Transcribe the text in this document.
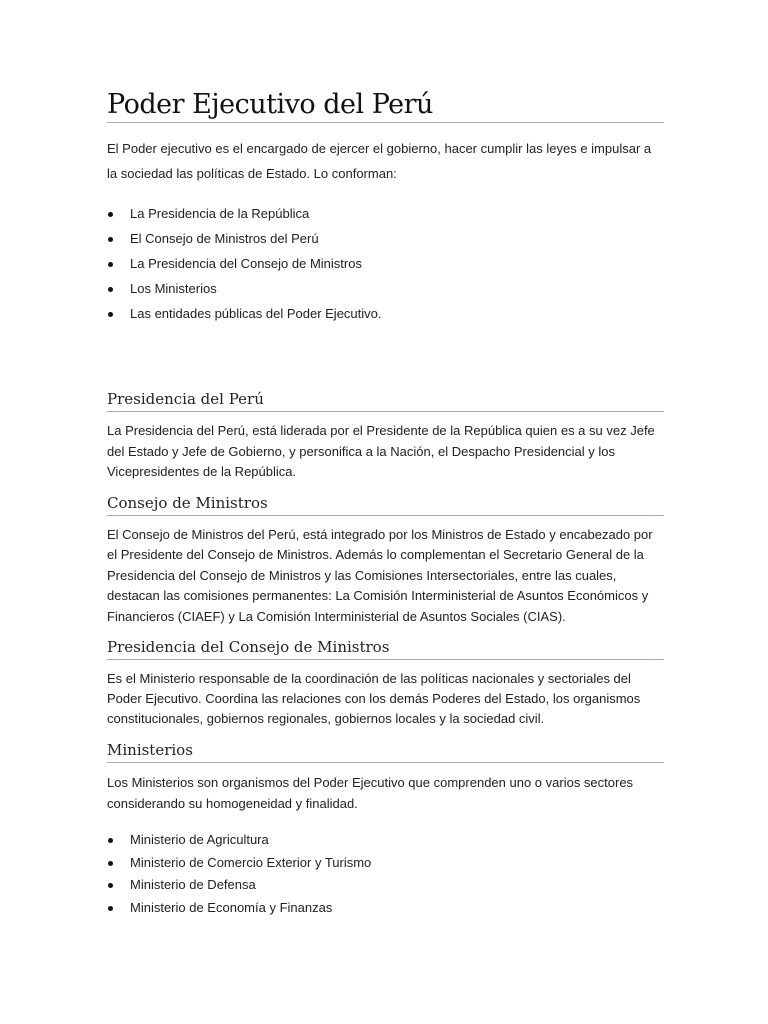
Poder Ejecutivo del Perú

El Poder ejecutivo es el encargado de ejercer el gobierno, hacer cumplir las leyes e impulsar a la sociedad las políticas de Estado. Lo conforman:

La Presidencia de la República
El Consejo de Ministros del Perú
La Presidencia del Consejo de Ministros
Los Ministerios
Las entidades públicas del Poder Ejecutivo.
Presidencia del Perú

La Presidencia del Perú, está liderada por el Presidente de la República quien es a su vez Jefe del Estado y Jefe de Gobierno, y personifica a la Nación, el Despacho Presidencial y los Vicepresidentes de la República.

Consejo de Ministros

El Consejo de Ministros del Perú, está integrado por los Ministros de Estado y encabezado por el Presidente del Consejo de Ministros. Además lo complementan el Secretario General de la Presidencia del Consejo de Ministros y las Comisiones Intersectoriales, entre las cuales, destacan las comisiones permanentes: La Comisión Interministerial de Asuntos Económicos y Financieros (CIAEF) y La Comisión Interministerial de Asuntos Sociales (CIAS).

Presidencia del Consejo de Ministros

Es el Ministerio responsable de la coordinación de las políticas nacionales y sectoriales del Poder Ejecutivo. Coordina las relaciones con los demás Poderes del Estado, los organismos constitucionales, gobiernos regionales, gobiernos locales y la sociedad civil.

Ministerios

Los Ministerios son organismos del Poder Ejecutivo que comprenden uno o varios sectores considerando su homogeneidad y finalidad.

Ministerio de Agricultura
Ministerio de Comercio Exterior y Turismo
Ministerio de Defensa
Ministerio de Economía y Finanzas
